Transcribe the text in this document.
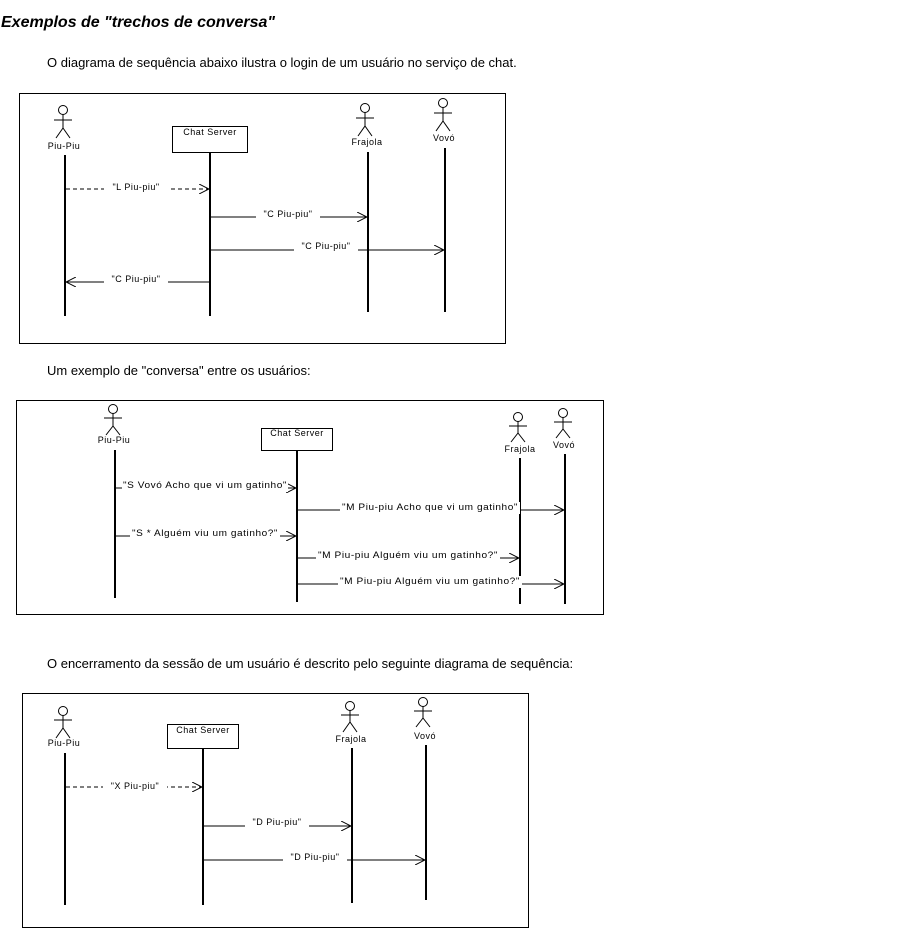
Exemplos de "trechos de conversa"
O diagrama de sequência abaixo ilustra o login de um usuário no serviço de chat.
Um exemplo de "conversa" entre os usuários:
O encerramento da sessão de um usuário é descrito pelo seguinte diagrama de sequência:
Piu-Piu
Chat Server
Frajola	Vovó
"L Piu-piu"
"C Piu-piu"
"C Piu-piu"
"C Piu-piu"
Piu-Piu
Chat Server
Frajola Vovó
"S Vovó Acho que vi um gatinho"
"M Piu-piu Acho que vi um gatinho"
"S * Alguém viu um gatinho?"
"M Piu-piu Alguém viu um gatinho?"
"M Piu-piu Alguém viu um gatinho?"
Piu-Piu
Chat Server
Frajola	Vovó
"X Piu-piu"
"D Piu-piu"
"D Piu-piu"
